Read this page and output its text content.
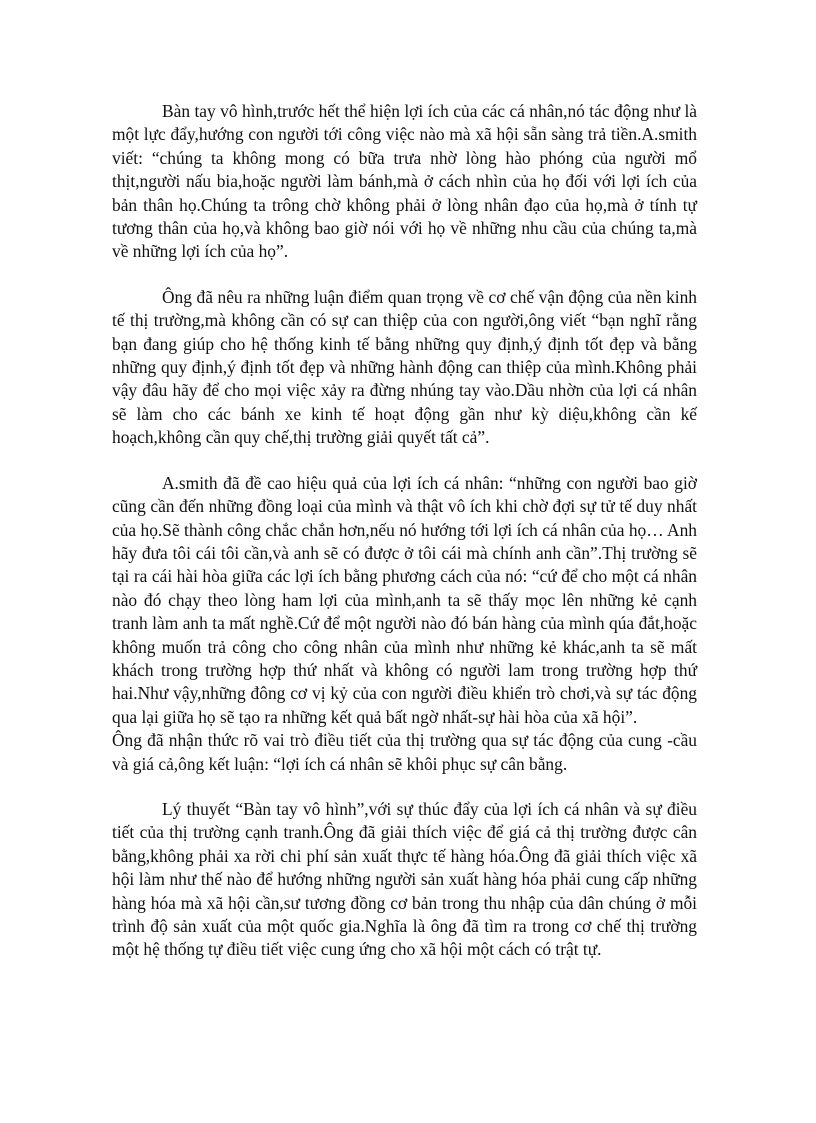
Bàn tay vô hình,trước hết thể hiện lợi ích của các cá nhân,nó tác động như là một lực đẩy,hướng con người tới công việc nào mà xã hội sẵn sàng trả tiền.A.smith viết: “chúng ta không mong có bữa trưa nhờ lòng hào phóng của người mổ thịt,người nấu bia,hoặc người làm bánh,mà ở cách nhìn của họ đối với lợi ích của bản thân họ.Chúng ta trông chờ không phải ở lòng nhân đạo của họ,mà ở tính tự tương thân của họ,và không bao giờ nói với họ về những nhu cầu của chúng ta,mà về những lợi ích của họ”.

Ông đã nêu ra những luận điểm quan trọng về cơ chế vận động của nền kinh tế thị trường,mà không cần có sự can thiệp của con người,ông viết “bạn nghĩ rằng bạn đang giúp cho hệ thống kinh tế bằng những quy định,ý định tốt đẹp và bằng những quy định,ý định tốt đẹp và những hành động can thiệp của mình.Không phải vậy đâu hãy để cho mọi việc xảy ra đừng nhúng tay vào.Dầu nhờn của lợi cá nhân sẽ làm cho các bánh xe kinh tế hoạt động gần như kỳ diệu,không cần kế hoạch,không cần quy chế,thị trường giải quyết tất cả”.

A.smith đã đề cao hiệu quả của lợi ích cá nhân: “những con người bao giờ cũng cần đến những đồng loại của mình và thật vô ích khi chờ đợi sự tử tế duy nhất của họ.Sẽ thành công chắc chắn hơn,nếu nó hướng tới lợi ích cá nhân của họ… Anh hãy đưa tôi cái tôi cần,và anh sẽ có được ở tôi cái mà chính anh cần”.Thị trường sẽ tại ra cái hài hòa giữa các lợi ích bằng phương cách của nó: “cứ để cho một cá nhân nào đó chạy theo lòng ham lợi của mình,anh ta sẽ thấy mọc lên những kẻ cạnh tranh làm anh ta mất nghề.Cứ để một người nào đó bán hàng của mình qúa đắt,hoặc không muốn trả công cho công nhân của mình như những kẻ khác,anh ta sẽ mất khách trong trường hợp thứ nhất và không có người lam trong trường hợp thứ hai.Như vậy,những đông cơ vị kỷ của con người điều khiển trò chơi,và sự tác động qua lại giữa họ sẽ tạo ra những kết quả bất ngờ nhất-sự hài hòa của xã hội”.

Ông đã nhận thức rõ vai trò điều tiết của thị trường qua sự tác động của cung -cầu và giá cả,ông kết luận: “lợi ích cá nhân sẽ khôi phục sự cân bằng.

Lý thuyết “Bàn tay vô hình”,với sự thúc đẩy của lợi ích cá nhân và sự điều tiết của thị trường cạnh tranh.Ông đã giải thích việc để giá cả thị trường được cân bằng,không phải xa rời chi phí sản xuất thực tế hàng hóa.Ông đã giải thích việc xã hội làm như thế nào để hướng những người sản xuất hàng hóa phải cung cấp những hàng hóa mà xã hội cần,sư tương đồng cơ bản trong thu nhập của dân chúng ở mỗi trình độ sản xuất của một quốc gia.Nghĩa là ông đã tìm ra trong cơ chế thị trường một hệ thống tự điều tiết việc cung ứng cho xã hội một cách có trật tự.
